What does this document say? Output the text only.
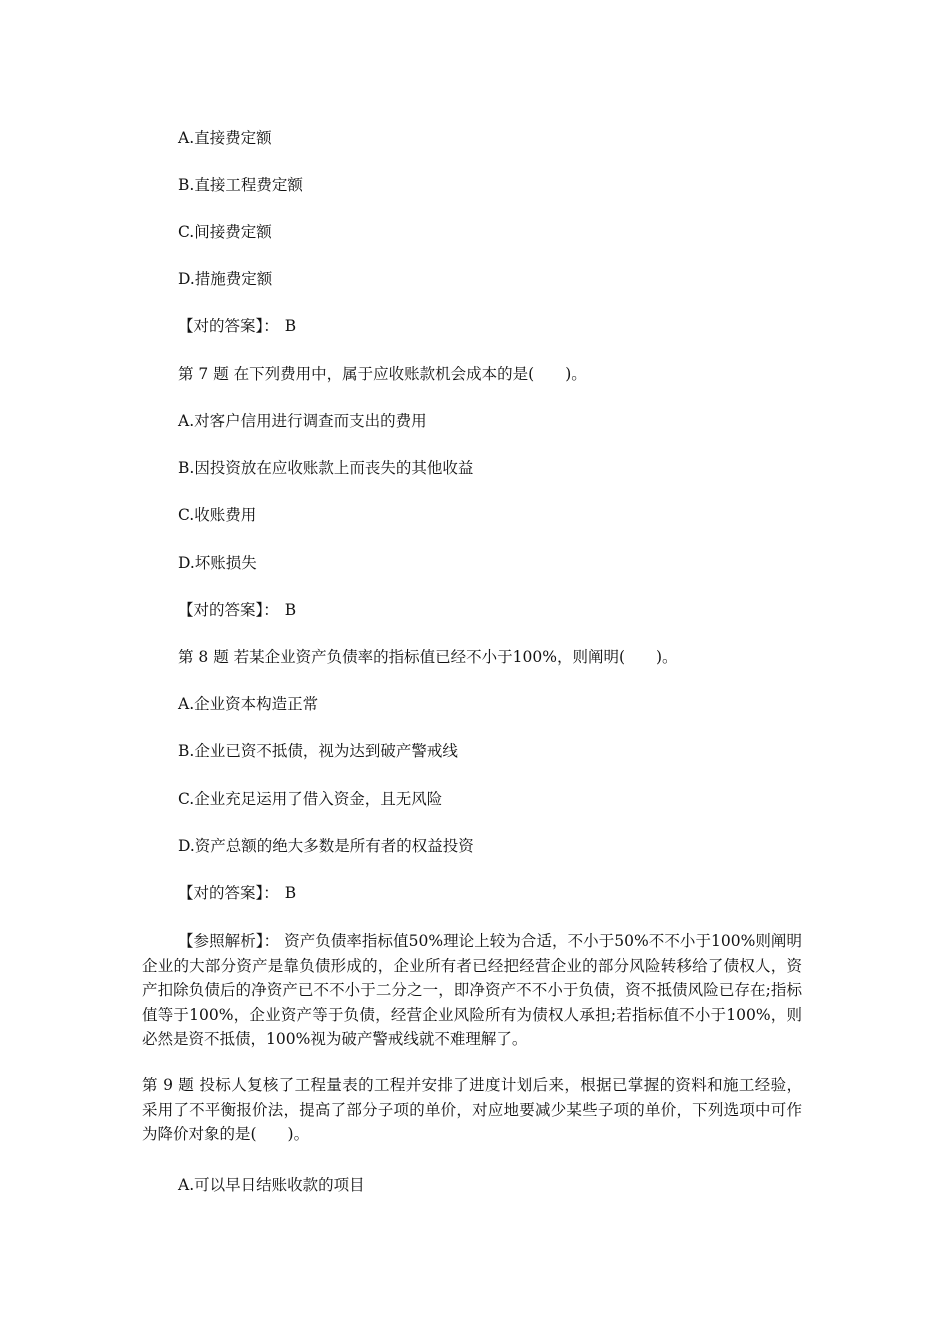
A.直接费定额
B.直接工程费定额
C.间接费定额
D.措施费定额
【对的答案】： B
第 7 题 在下列费用中，属于应收账款机会成本的是(　　)。
A.对客户信用进行调查而支出的费用
B.因投资放在应收账款上而丧失的其他收益
C.收账费用
D.坏账损失
【对的答案】： B
第 8 题 若某企业资产负债率的指标值已经不小于100%，则阐明(　　)。
A.企业资本构造正常
B.企业已资不抵债，视为达到破产警戒线
C.企业充足运用了借入资金，且无风险
D.资产总额的绝大多数是所有者的权益投资
【对的答案】： B
【参照解析】： 资产负债率指标值50%理论上较为合适，不小于50%不不小于100%则阐明企业的大部分资产是靠负债形成的，企业所有者已经把经营企业的部分风险转移给了债权人，资产扣除负债后的净资产已不不小于二分之一，即净资产不不小于负债，资不抵债风险已存在;指标值等于100%，企业资产等于负债，经营企业风险所有为债权人承担;若指标值不小于100%，则必然是资不抵债，100%视为破产警戒线就不难理解了。
第 9 题 投标人复核了工程量表的工程并安排了进度计划后来，根据已掌握的资料和施工经验，采用了不平衡报价法，提高了部分子项的单价，对应地要减少某些子项的单价，下列选项中可作为降价对象的是(　　)。
A.可以早日结账收款的项目
